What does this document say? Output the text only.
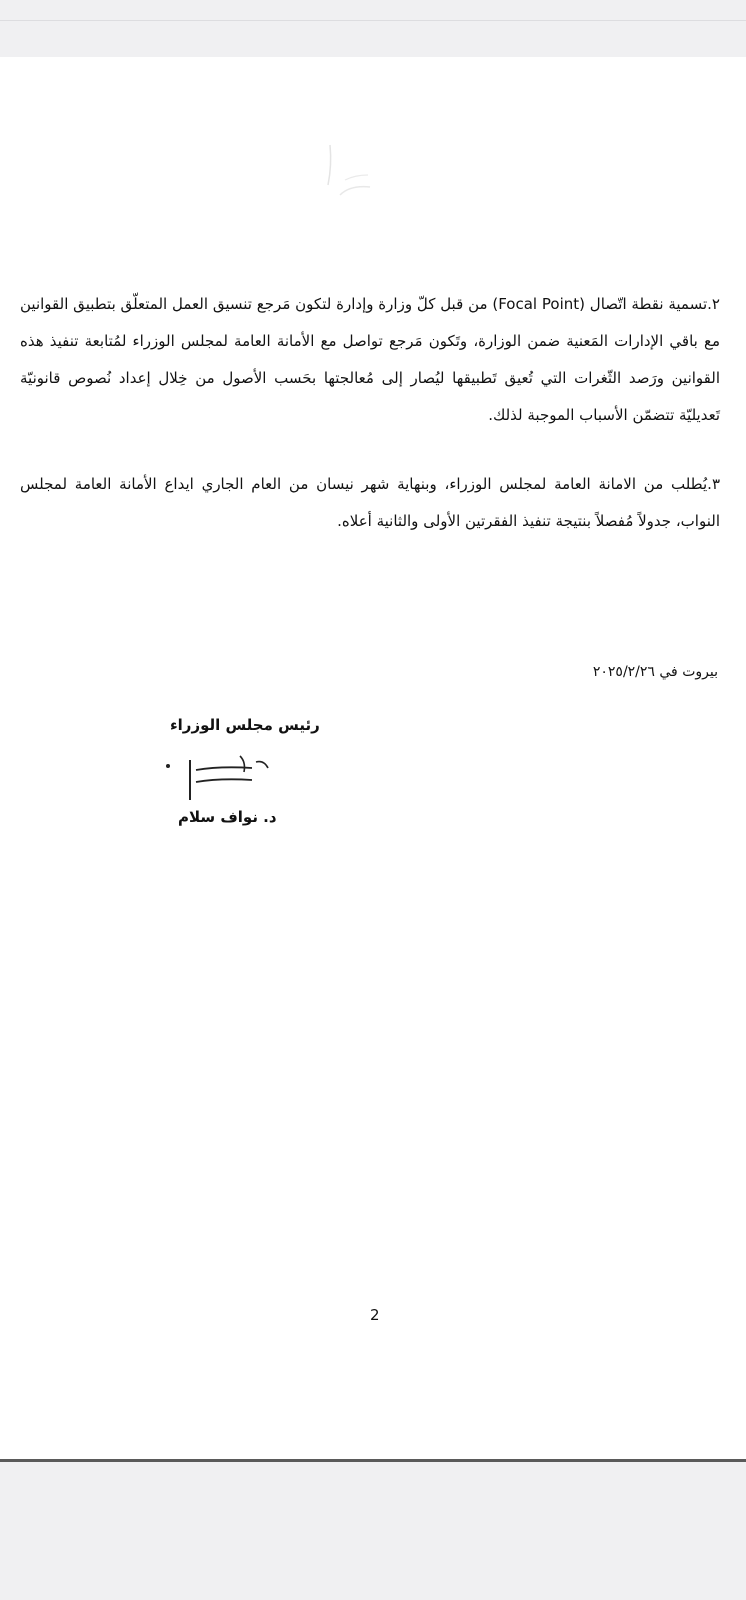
٢.تسمية نقطة اتّصال (Focal Point) من قبل كلّ وزارة وإدارة لتكون مَرجع تنسيق العمل المتعلّق بتطبيق القوانين مع باقي الإدارات المَعنية ضمن الوزارة، وتَكون مَرجع تواصل مع الأمانة العامة لمجلس الوزراء لمُتابعة تنفيذ هذه القوانين ورَصد الثّغرات التي تُعيق تَطبيقها ليُصار إلى مُعالجتها بحَسب الأصول من خِلال إعداد نُصوص قانونيّة تَعديليّة تتضمّن الأسباب الموجبة لذلك.
٣.يُطلب من الامانة العامة لمجلس الوزراء، وبنهاية شهر نيسان من العام الجاري ايداع الأمانة العامة لمجلس النواب، جدولاً مُفصلاً بنتيجة تنفيذ الفقرتين الأولى والثانية أعلاه.
بيروت في ٢٠٢٥/٢/٢٦
رئيس مجلس الوزراء
د. نواف سلام
2
